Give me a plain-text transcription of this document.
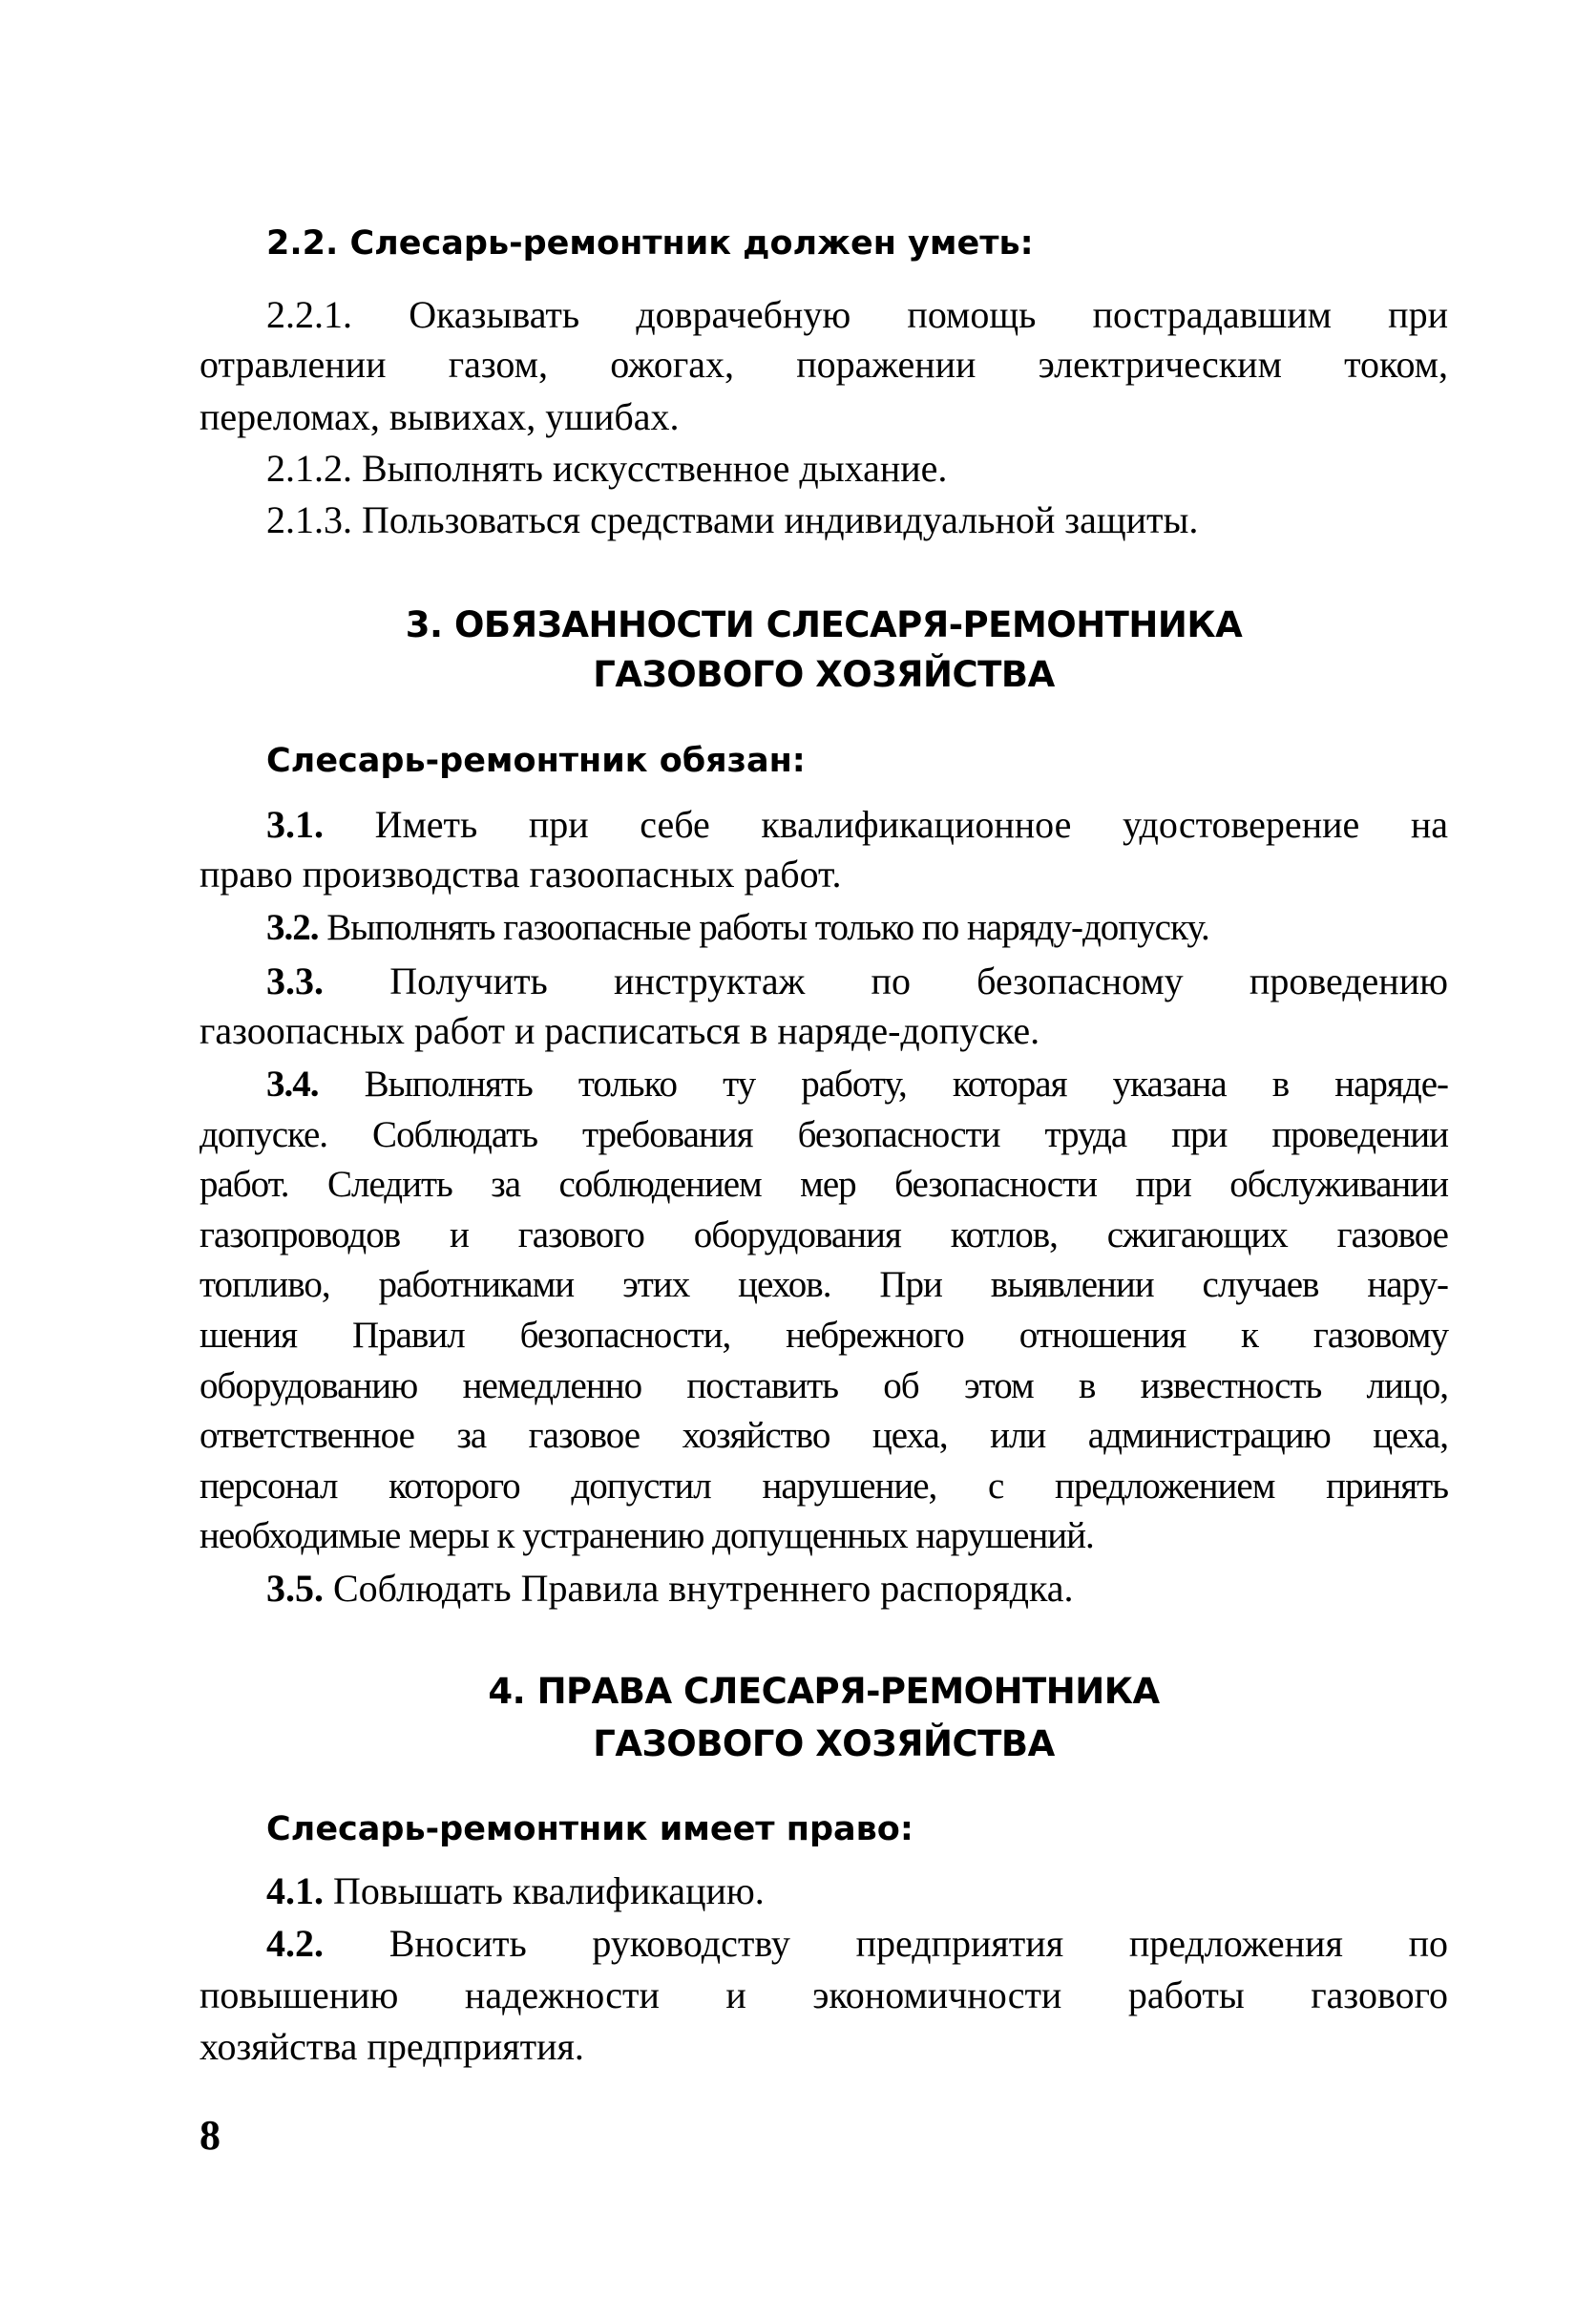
2.2. Слесарь-ремонтник должен уметь:
2.2.1. Оказывать доврачебную помощь пострадавшим при
отравлении газом, ожогах, поражении электрическим током,
переломах, вывихах, ушибах.
2.1.2. Выполнять искусственное дыхание.
2.1.3. Пользоваться средствами индивидуальной защиты.
3. ОБЯЗАННОСТИ СЛЕСАРЯ-РЕМОНТНИКА
ГАЗОВОГО ХОЗЯЙСТВА
Слесарь-ремонтник обязан:
3.1. Иметь при себе квалификационное удостоверение на
право производства газоопасных работ.
3.2. Выполнять газоопасные работы только по наряду-допуску.
3.3. Получить инструктаж по безопасному проведению
газоопасных работ и расписаться в наряде-допуске.
3.4. Выполнять только ту работу, которая указана в наряде-
допуске. Соблюдать требования безопасности труда при проведении
работ. Следить за соблюдением мер безопасности при обслуживании
газопроводов и газового оборудования котлов, сжигающих газовое
топливо, работниками этих цехов. При выявлении случаев нару-
шения Правил безопасности, небрежного отношения к газовому
оборудованию немедленно поставить об этом в известность лицо,
ответственное за газовое хозяйство цеха, или администрацию цеха,
персонал которого допустил нарушение, с предложением принять
необходимые меры к устранению допущенных нарушений.
3.5. Соблюдать Правила внутреннего распорядка.
4. ПРАВА СЛЕСАРЯ-РЕМОНТНИКА
ГАЗОВОГО ХОЗЯЙСТВА
Слесарь-ремонтник имеет право:
4.1. Повышать квалификацию.
4.2. Вносить руководству предприятия предложения по
повышению надежности и экономичности работы газового
хозяйства предприятия.
8
